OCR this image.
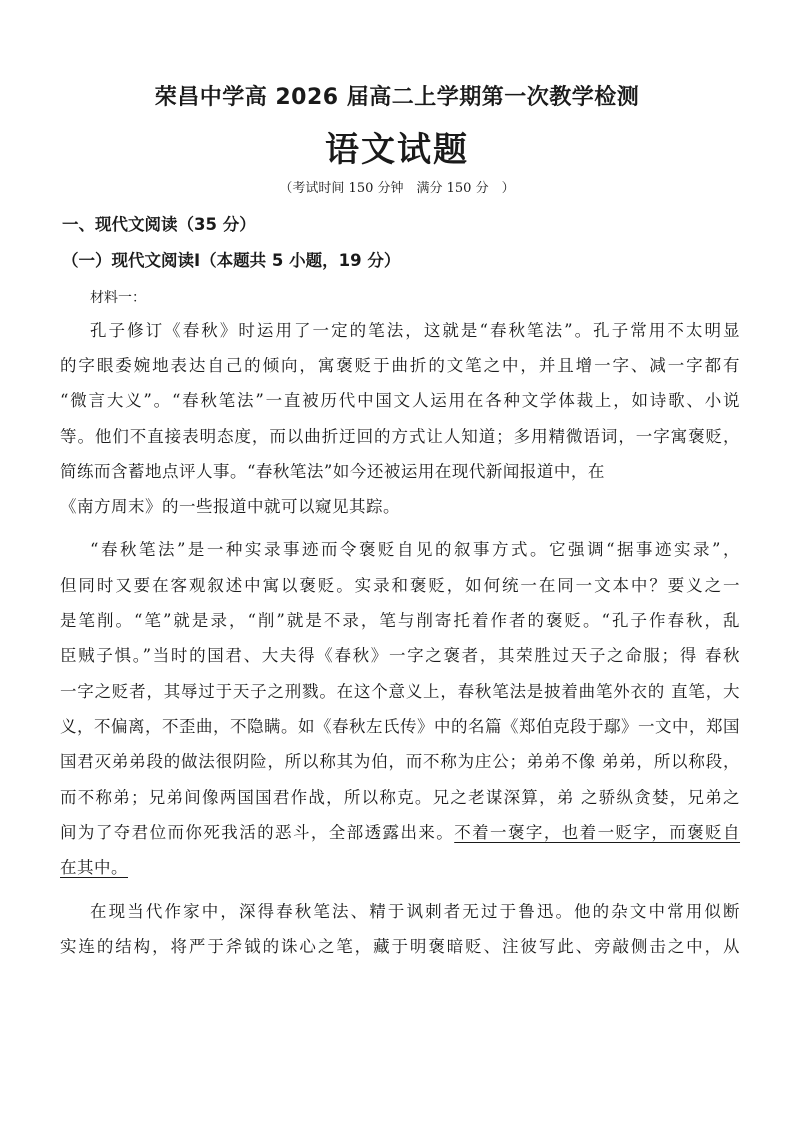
荣昌中学高 2026 届高二上学期第一次教学检测
语文试题
（考试时间 150 分钟　满分 150 分　）
一、现代文阅读（35 分）
（一）现代文阅读Ⅰ（本题共 5 小题，19 分）
材料一：
孔子修订《春秋》时运用了一定的笔法，这就是“春秋笔法”。孔子常用不太明显
的字眼委婉地表达自己的倾向，寓褒贬于曲折的文笔之中，并且增一字、减一字都有
“微言大义”。“春秋笔法”一直被历代中国文人运用在各种文学体裁上，如诗歌、小说
等。他们不直接表明态度，而以曲折迂回的方式让人知道；多用精微语词，一字寓褒贬，
简练而含蓄地点评人事。“春秋笔法”如今还被运用在现代新闻报道中，在
《南方周末》的一些报道中就可以窥见其踪。
“春秋笔法”是一种实录事迹而令褒贬自见的叙事方式。它强调“据事迹实录”，
但同时又要在客观叙述中寓以褒贬。实录和褒贬，如何统一在同一文本中？要义之一
是笔削。“笔”就是录，“削”就是不录，笔与削寄托着作者的褒贬。“孔子作春秋，乱
臣贼子惧。”当时的国君、大夫得《春秋》一字之褒者，其荣胜过天子之命服；得 春秋
一字之贬者，其辱过于天子之刑戮。在这个意义上，春秋笔法是披着曲笔外衣的 直笔，大
义，不偏离，不歪曲，不隐瞒。如《春秋左氏传》中的名篇《郑伯克段于鄢》一文中，郑国
国君灭弟弟段的做法很阴险，所以称其为伯，而不称为庄公；弟弟不像 弟弟，所以称段，
而不称弟；兄弟间像两国国君作战，所以称克。兄之老谋深算，弟 之骄纵贪婪，兄弟之
间为了夺君位而你死我活的恶斗，全部透露出来。不着一褒字，也着一贬字，而褒贬自
在其中。
在现当代作家中，深得春秋笔法、精于讽刺者无过于鲁迅。他的杂文中常用似断
实连的结构，将严于斧钺的诛心之笔，藏于明褒暗贬、注彼写此、旁敲侧击之中，从
